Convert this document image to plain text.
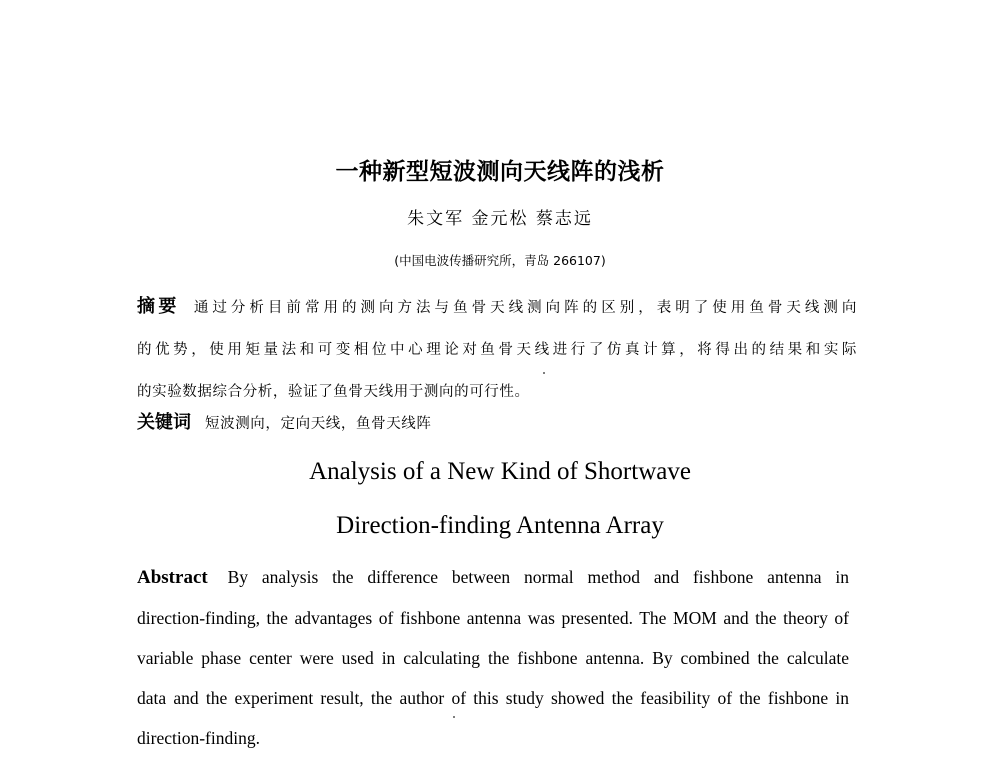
一种新型短波测向天线阵的浅析
朱文军 金元松 蔡志远
(中国电波传播研究所，青岛 266107)
摘要 通过分析目前常用的测向方法与鱼骨天线测向阵的区别，表明了使用鱼骨天线测向
的优势，使用矩量法和可变相位中心理论对鱼骨天线进行了仿真计算，将得出的结果和实际
的实验数据综合分析，验证了鱼骨天线用于测向的可行性。
关键词 短波测向，定向天线，鱼骨天线阵
Analysis of a New Kind of Shortwave
Direction-finding Antenna Array
Abstract By analysis the difference between normal method and fishbone antenna in
direction-finding, the advantages of fishbone antenna was presented. The MOM and the theory of
variable phase center were used in calculating the fishbone antenna. By combined the calculate
data and the experiment result, the author of this study showed the feasibility of the fishbone in
direction-finding.
